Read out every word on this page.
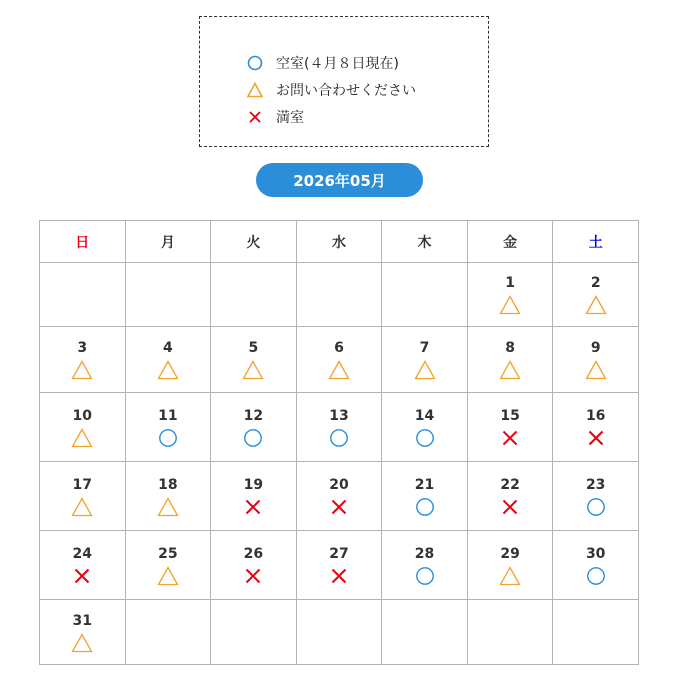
空室(４月８日現在)
お問い合わせください
満室
2026年05月
日	月	火	水	木	金	土

					1	2

3	4	5	6	7	8	9

10	11	12	13	14	15	16

17	18	19	20	21	22	23

24	25	26	27	28	29	30

31						
